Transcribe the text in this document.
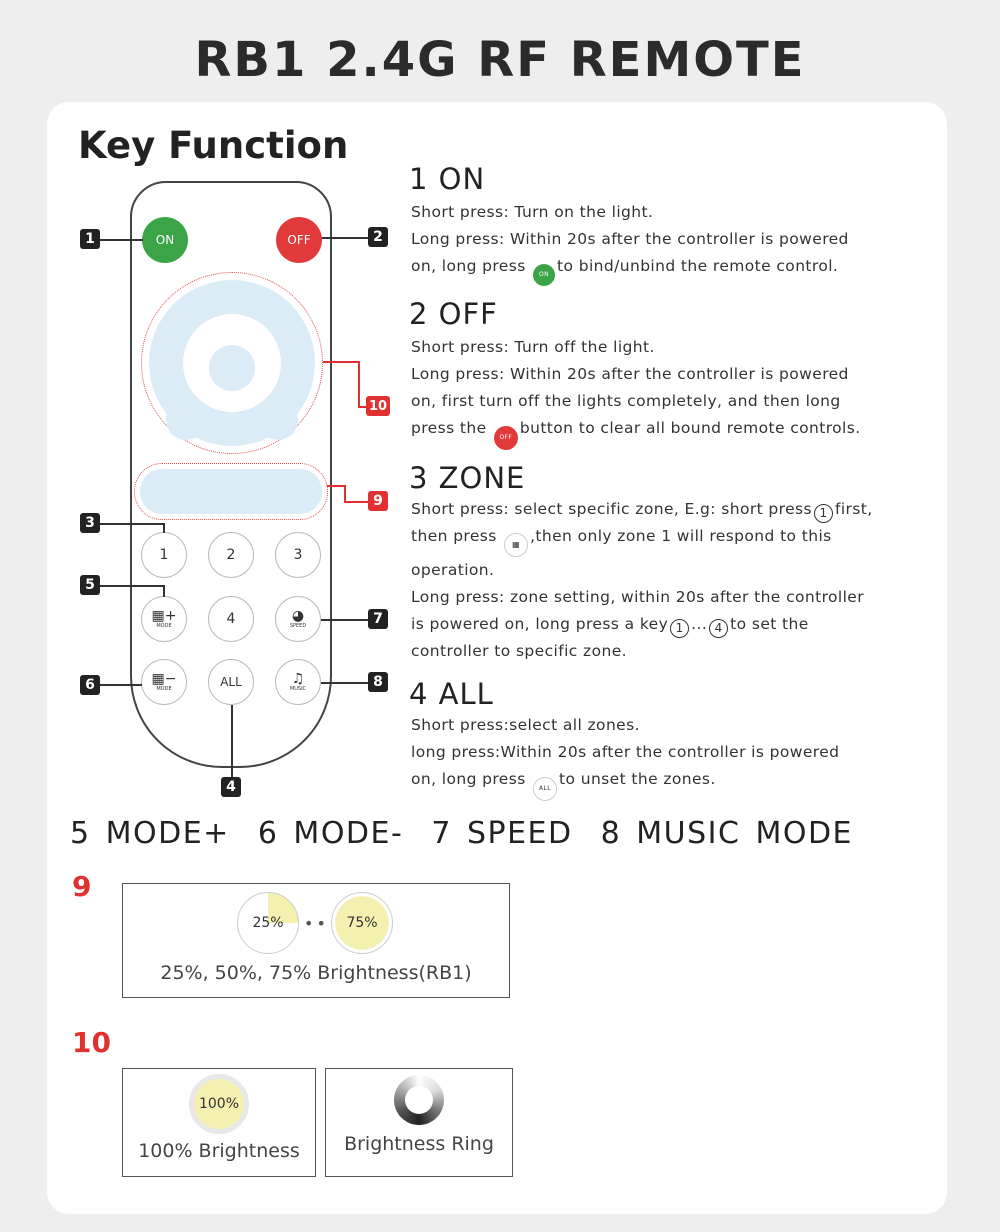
RB1 2.4G RF REMOTE
Key Function
ON	OFF
1	2	3
▦+
MODE	4	◕
SPEED
▦−
MODE	ALL	♫
MUSIC
1	2
3
4
5
6
7
8
9
10
1 ON
Short press: Turn on the light.
Long press: Within 20s after the controller is powered
on, long press ON to bind/unbind the remote control.
2 OFF
Short press: Turn off the light.
Long press: Within 20s after the controller is powered
on, first turn off the lights completely, and then long
press the OFFbutton to clear all bound remote controls.
3 ZONE
Short press: select specific zone, E.g: short press 1 first,
then press ▦ ,then only zone 1 will respond to this
operation.
Long press: zone setting, within 20s after the controller
is powered on, long press a key 1 ... 4 to set the
controller to specific zone.
4 ALL
Short press:select all zones.
long press:Within 20s after the controller is powered
on, long press ALLto unset the zones.
5 MODE+ 6 MODE- 7 SPEED 8 MUSIC MODE
9
25% •• 75%
25%, 50%, 75% Brightness(RB1)
10
100%
100% Brightness	Brightness Ring
